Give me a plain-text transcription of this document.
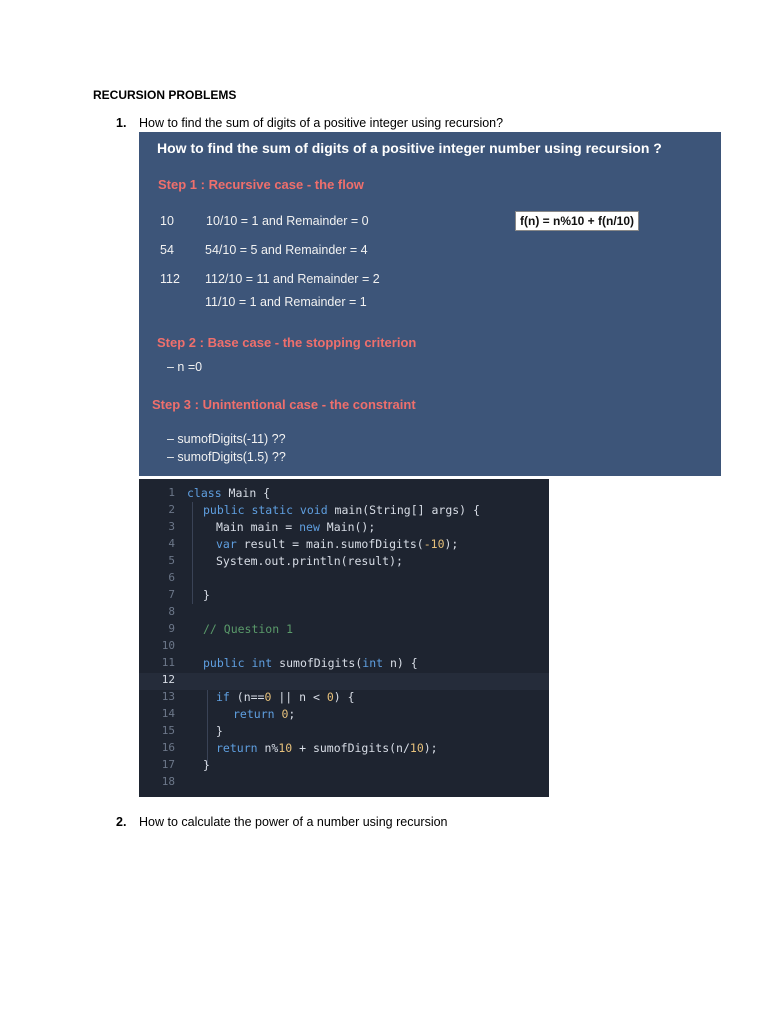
RECURSION PROBLEMS
1.	How to find the sum of digits of a positive integer using recursion?
How to find the sum of digits of a positive integer number using recursion ?
Step 1 : Recursive case - the flow
10	10/10 = 1 and Remainder = 0
54 54/10 = 5 and Remainder = 4
112 112/10 = 11 and Remainder = 2
11/10 = 1 and Remainder = 1
f(n) = n%10 + f(n/10)
Step 2 : Base case - the stopping criterion
– n =0
Step 3 : Unintentional case - the constraint
– sumofDigits(-11) ??
– sumofDigits(1.5) ??
1
2
3
4
5
6
7
8
9
10
11
12
13
14
15
16
17
18
class Main {
public static void main(String[] args) {
Main main = new Main();
var result = main.sumofDigits(-10);
System.out.println(result);
}
// Question 1
public int sumofDigits(int n) {
if (n==0 || n < 0) {
return 0;
}
return n%10 + sumofDigits(n/10);
}
2.	How to calculate the power of a number using recursion
